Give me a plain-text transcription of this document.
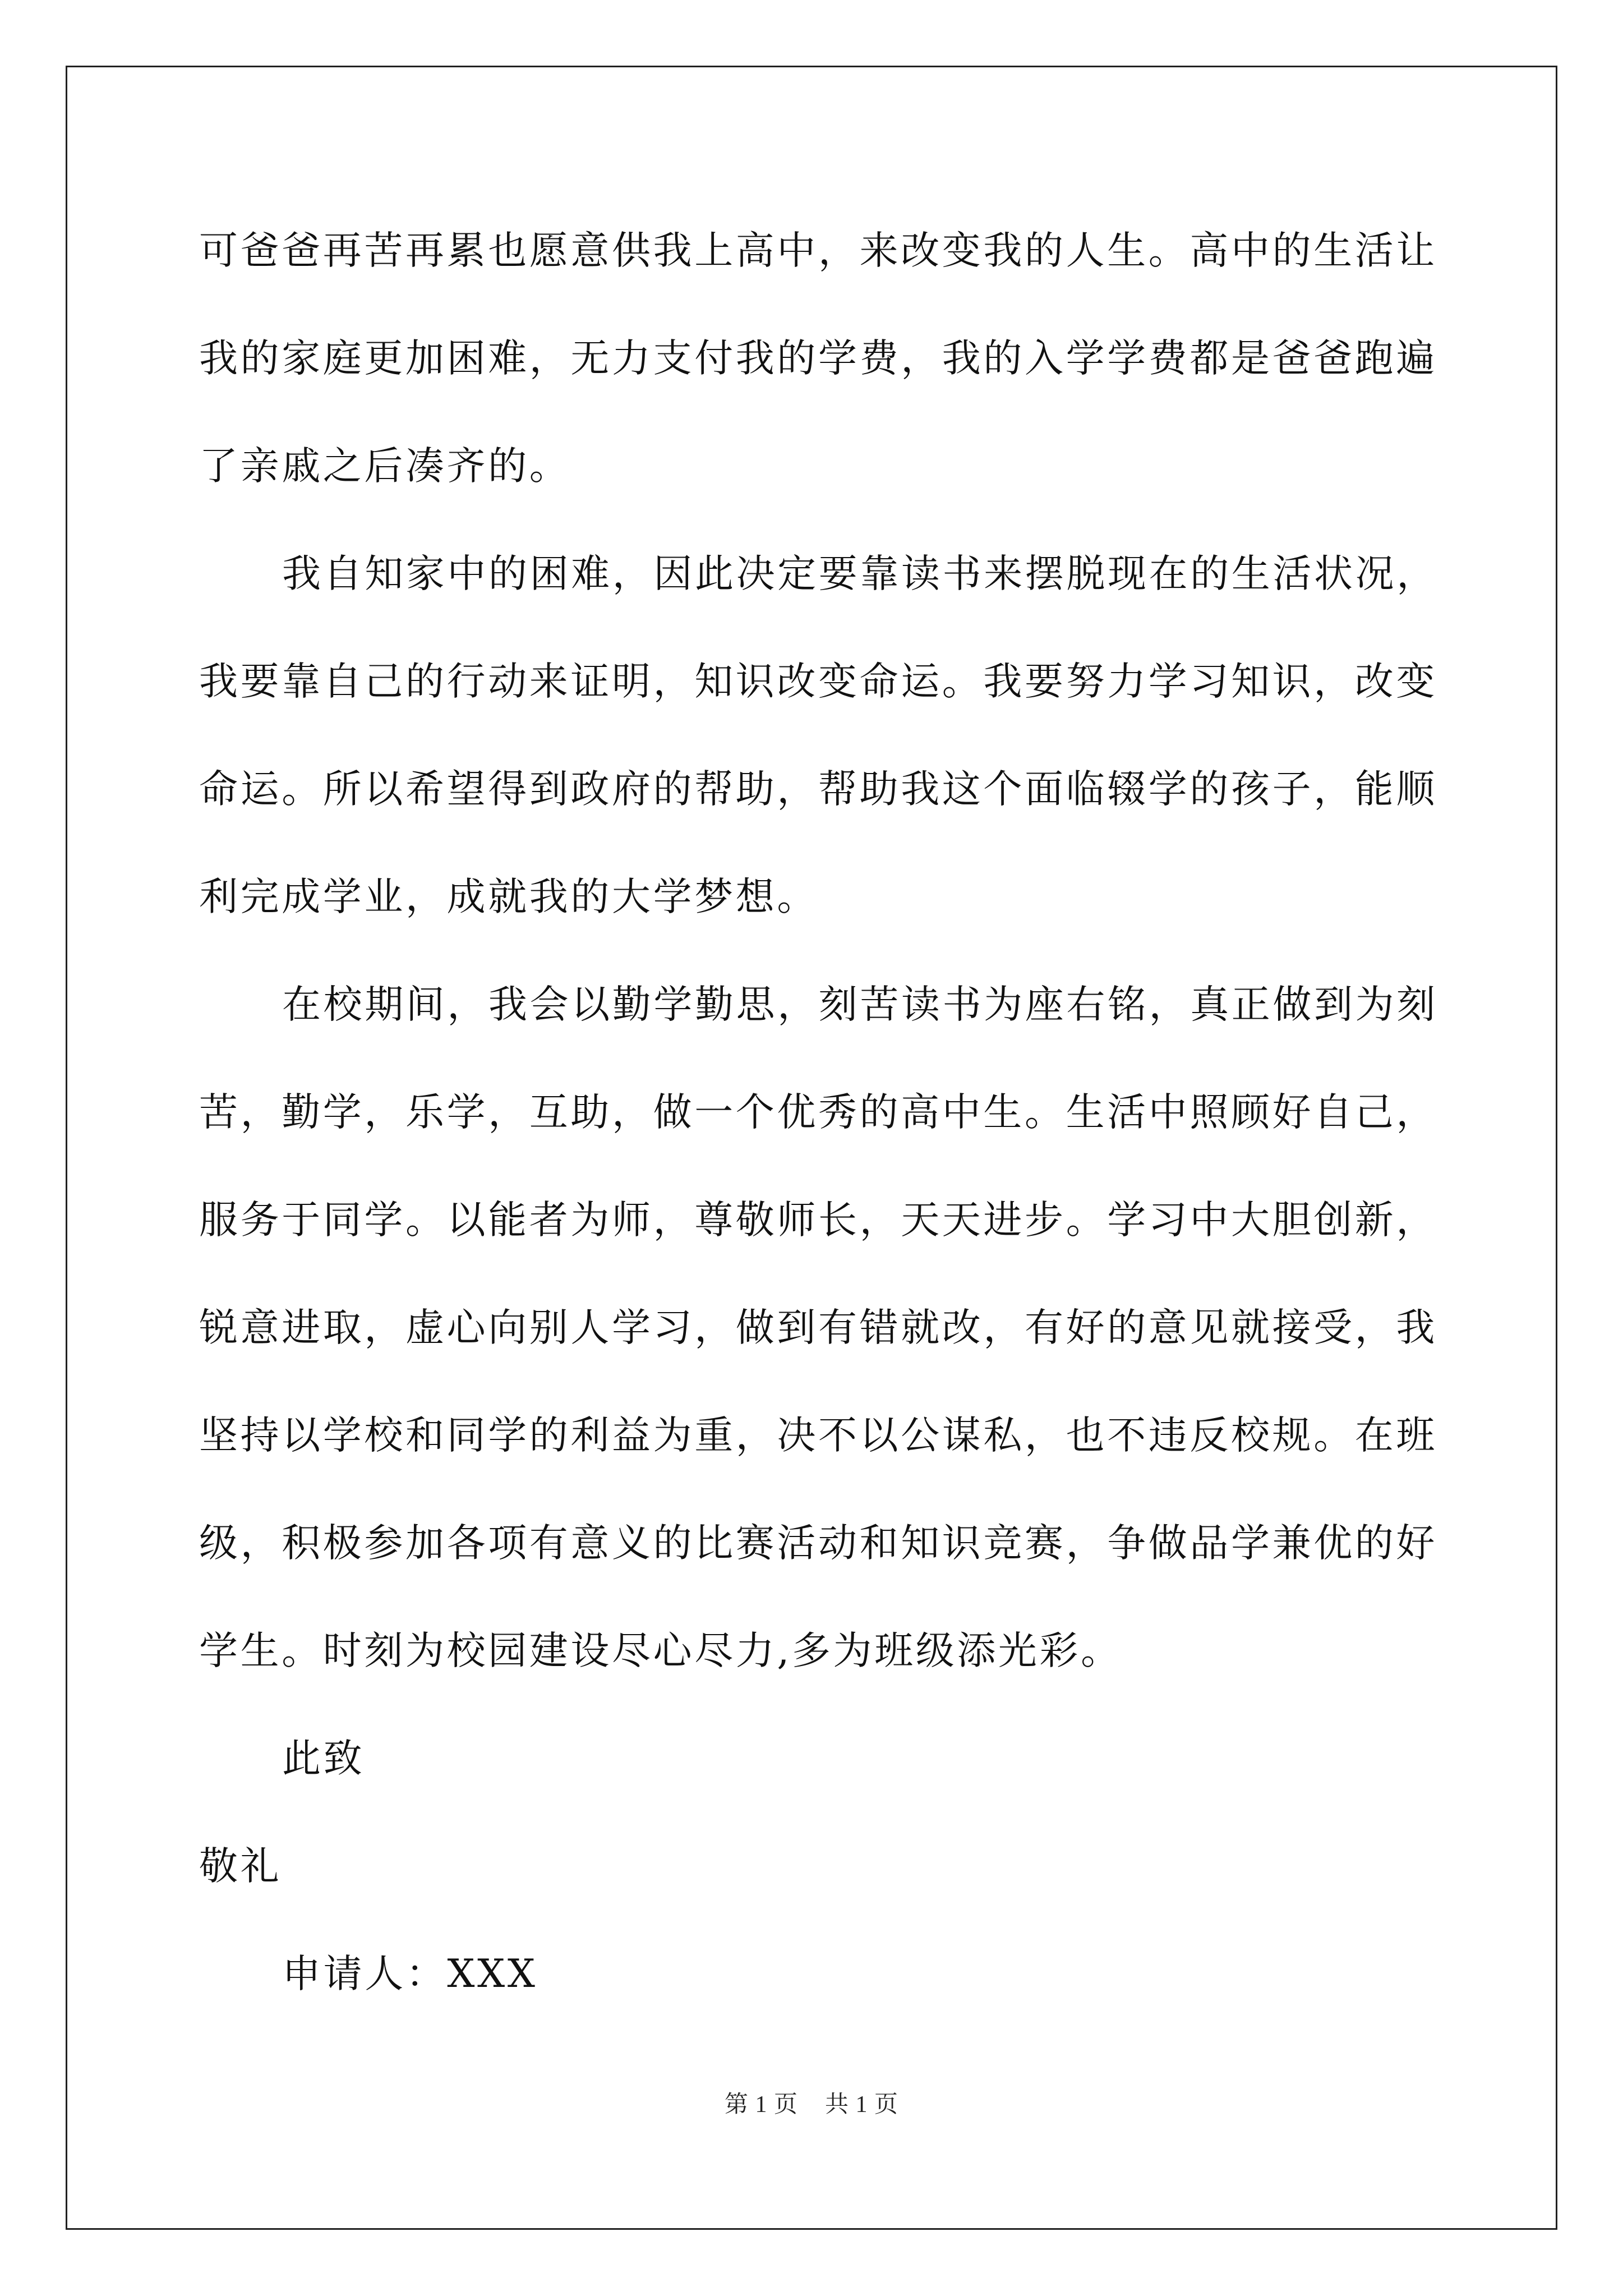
可爸爸再苦再累也愿意供我上高中，来改变我的人生。高中的生活让
我的家庭更加困难，无力支付我的学费，我的入学学费都是爸爸跑遍
了亲戚之后凑齐的。
我自知家中的困难，因此决定要靠读书来摆脱现在的生活状况，
我要靠自己的行动来证明，知识改变命运。我要努力学习知识，改变
命运。所以希望得到政府的帮助，帮助我这个面临辍学的孩子，能顺
利完成学业，成就我的大学梦想。
在校期间，我会以勤学勤思，刻苦读书为座右铭，真正做到为刻
苦，勤学，乐学，互助，做一个优秀的高中生。生活中照顾好自己，
服务于同学。以能者为师，尊敬师长，天天进步。学习中大胆创新，
锐意进取，虚心向别人学习，做到有错就改，有好的意见就接受，我
坚持以学校和同学的利益为重，决不以公谋私，也不违反校规。在班
级，积极参加各项有意义的比赛活动和知识竞赛，争做品学兼优的好
学生。时刻为校园建设尽心尽力,多为班级添光彩。
此致
敬礼
申请人：XXX
第 1 页 共 1 页
